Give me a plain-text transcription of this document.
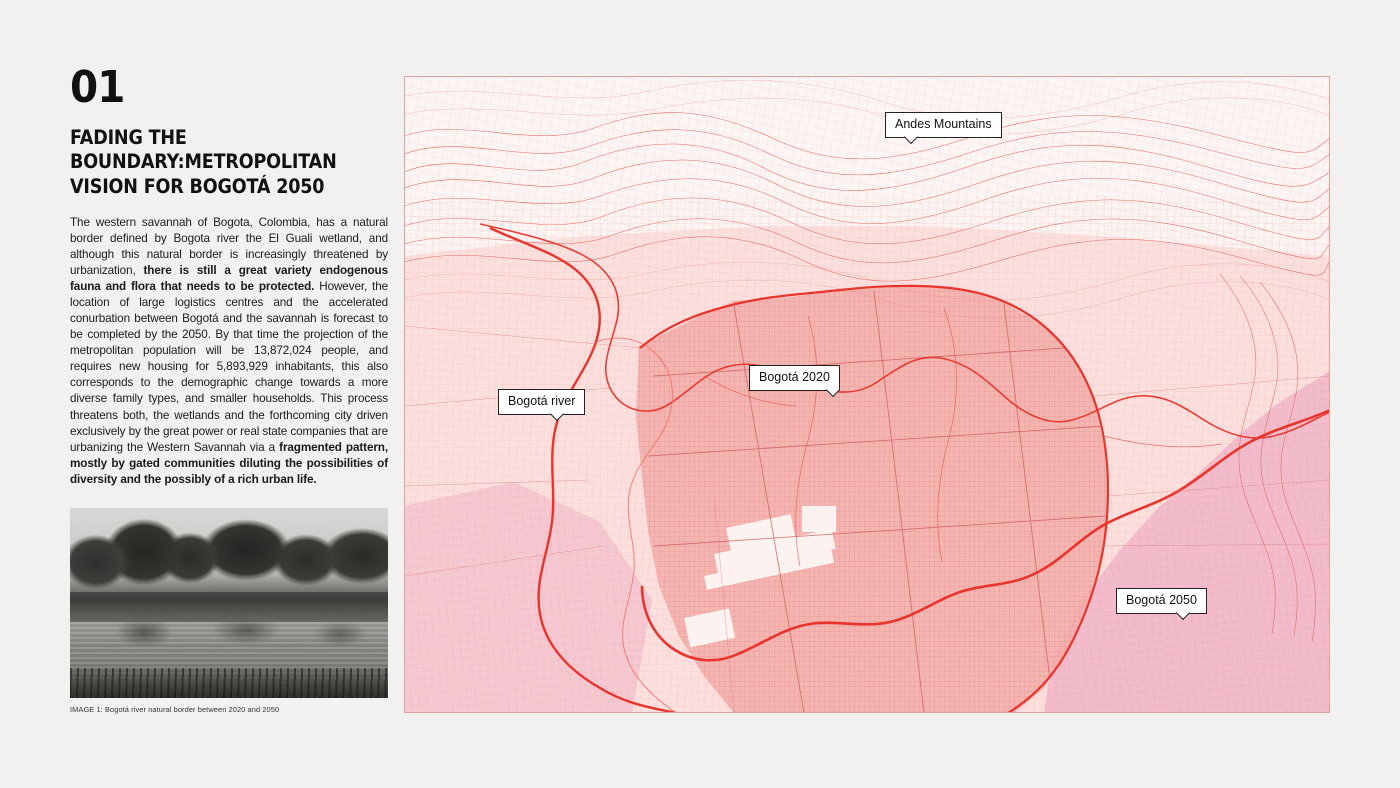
01
FADING THE BOUNDARY:METROPOLITAN VISION FOR BOGOTÁ 2050

The western savannah of Bogota, Colombia, has a natural border defined by Bogota river the El Guali wetland, and although this natural border is increasingly threatened by urbanization, there is still a great variety endogenous fauna and flora that needs to be protected. However, the location of large logistics centres and the accelerated conurbation between Bogotá and the savannah is forecast to be completed by the 2050. By that time the projection of the metropolitan population will be 13,872,024 people, and requires new housing for 5,893,929 inhabitants, this also corresponds to the demographic change towards a more diverse family types, and smaller households. This process threatens both, the wetlands and the forthcoming city driven exclusively by the great power or real state companies that are urbanizing the Western Savannah via a fragmented pattern, mostly by gated communities diluting the possibilities of diversity and the possibly of a rich urban life.

IMAGE 1: Bogotá river natural border between 2020 and 2050
Andes Mountains
Bogotá 2020
Bogotá river
Bogotá 2050
